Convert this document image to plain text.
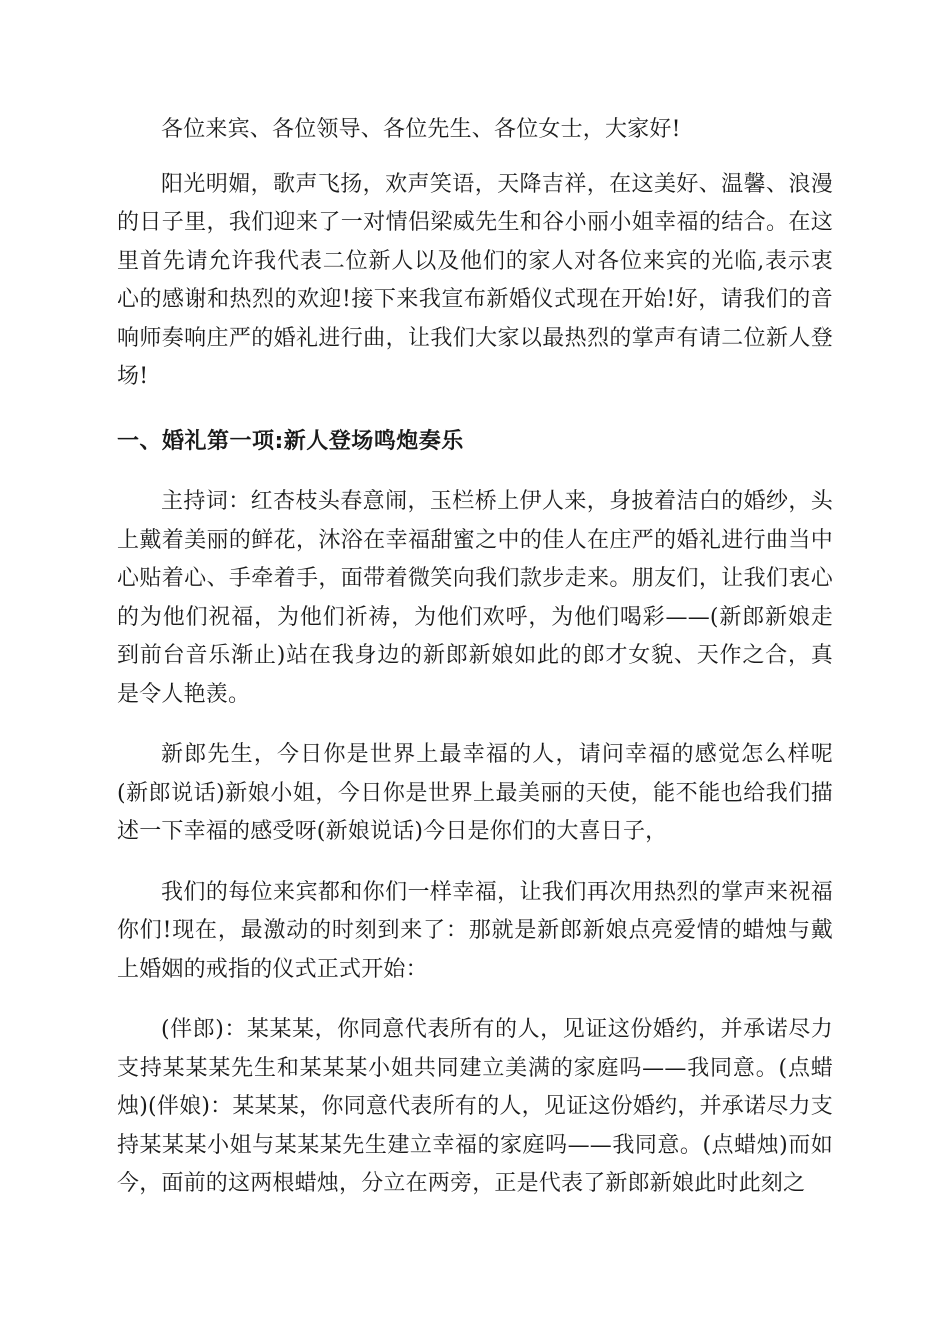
各位来宾、各位领导、各位先生、各位女士，大家好!

阳光明媚，歌声飞扬，欢声笑语，天降吉祥，在这美好、温馨、浪漫的日子里，我们迎来了一对情侣梁威先生和谷小丽小姐幸福的结合。在这里首先请允许我代表二位新人以及他们的家人对各位来宾的光临,表示衷心的感谢和热烈的欢迎!接下来我宣布新婚仪式现在开始!好，请我们的音响师奏响庄严的婚礼进行曲，让我们大家以最热烈的掌声有请二位新人登场!

一、婚礼第一项:新人登场鸣炮奏乐

主持词：红杏枝头春意闹，玉栏桥上伊人来，身披着洁白的婚纱，头上戴着美丽的鲜花，沐浴在幸福甜蜜之中的佳人在庄严的婚礼进行曲当中心贴着心、手牵着手，面带着微笑向我们款步走来。朋友们，让我们衷心的为他们祝福，为他们祈祷，为他们欢呼，为他们喝彩——(新郎新娘走到前台音乐渐止)站在我身边的新郎新娘如此的郎才女貌、天作之合，真是令人艳羡。

新郎先生，今日你是世界上最幸福的人，请问幸福的感觉怎么样呢(新郎说话)新娘小姐，今日你是世界上最美丽的天使，能不能也给我们描述一下幸福的感受呀(新娘说话)今日是你们的大喜日子，

我们的每位来宾都和你们一样幸福，让我们再次用热烈的掌声来祝福你们!现在，最激动的时刻到来了：那就是新郎新娘点亮爱情的蜡烛与戴上婚姻的戒指的仪式正式开始：

(伴郎)：某某某，你同意代表所有的人，见证这份婚约，并承诺尽力支持某某某先生和某某某小姐共同建立美满的家庭吗——我同意。(点蜡烛)(伴娘)：某某某，你同意代表所有的人，见证这份婚约，并承诺尽力支持某某某小姐与某某某先生建立幸福的家庭吗——我同意。(点蜡烛)而如今，面前的这两根蜡烛，分立在两旁，正是代表了新郎新娘此时此刻之
